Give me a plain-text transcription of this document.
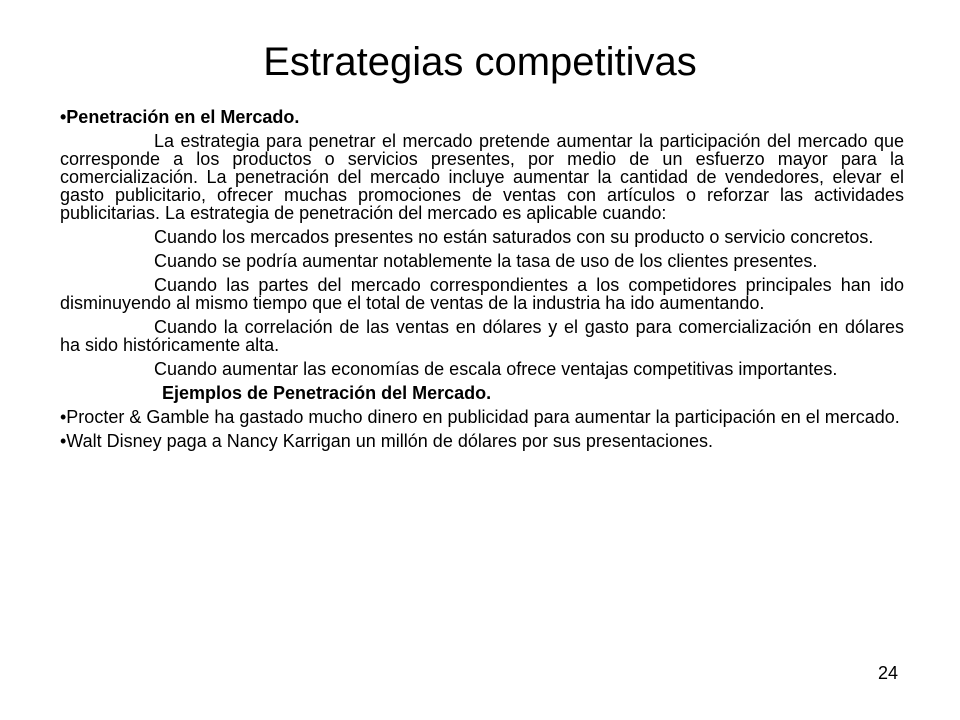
Estrategias competitivas

•Penetración en el Mercado.

La estrategia para penetrar el mercado pretende aumentar la participación del mercado que corresponde a los productos o servicios presentes, por medio de un esfuerzo mayor para la comercialización. La penetración del mercado incluye aumentar la cantidad de vendedores, elevar el gasto publicitario, ofrecer muchas promociones de ventas con artículos o reforzar las actividades publicitarias. La estrategia de penetración del mercado es aplicable cuando:

Cuando los mercados presentes no están saturados con su producto o servicio concretos.

Cuando se podría aumentar notablemente la tasa de uso de los clientes presentes.

Cuando las partes del mercado correspondientes a los competidores principales han ido disminuyendo al mismo tiempo que el total de ventas de la industria ha ido aumentando.

Cuando la correlación de las ventas en dólares y el gasto para comercialización en dólares ha sido históricamente alta.

Cuando aumentar las economías de escala ofrece ventajas competitivas importantes.

Ejemplos de Penetración del Mercado.

•Procter & Gamble ha gastado mucho dinero en publicidad para aumentar la participación en el mercado.

•Walt Disney paga a Nancy Karrigan un millón de dólares por sus presentaciones.

24
